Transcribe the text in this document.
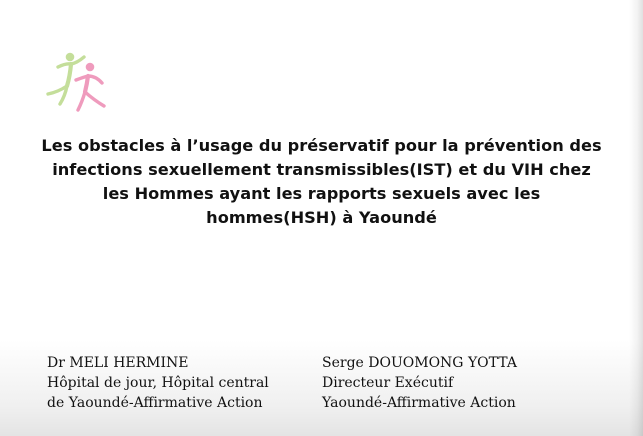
Les obstacles à l’usage du préservatif pour la prévention des
infections sexuellement transmissibles(IST) et du VIH chez
les Hommes ayant les rapports sexuels avec les
hommes(HSH) à Yaoundé
Dr MELI HERMINE
Hôpital de jour, Hôpital central
de Yaoundé-Affirmative Action
Serge DOUOMONG YOTTA
Directeur Exécutif
Yaoundé-Affirmative Action
